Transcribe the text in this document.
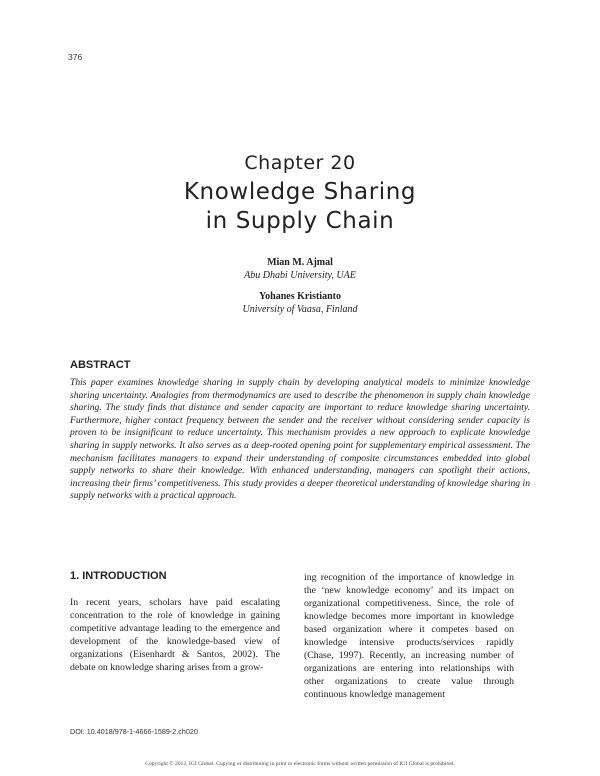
376
Chapter 20
Knowledge Sharing
in Supply Chain
Mian M. Ajmal
Abu Dhabi University, UAE
Yohanes Kristianto
University of Vaasa, Finland
ABSTRACT
This paper examines knowledge sharing in supply chain by developing analytical models to minimize knowledge sharing uncertainty. Analogies from thermodynamics are used to describe the phenomenon in supply chain knowledge sharing. The study finds that distance and sender capacity are important to reduce knowledge sharing uncertainty. Furthermore, higher contact frequency between the sender and the receiver without considering sender capacity is proven to be insignificant to reduce uncertainty. This mechanism provides a new approach to explicate knowledge sharing in supply networks. It also serves as a deep-rooted opening point for supplementary empirical assessment. The mechanism facilitates managers to expand their understanding of composite circumstances embedded into global supply networks to share their knowledge. With enhanced understanding, managers can spotlight their actions, increasing their firms’ competitiveness. This study provides a deeper theoretical understanding of knowledge sharing in supply networks with a practical approach.
1. INTRODUCTION
In recent years, scholars have paid escalating concentration to the role of knowledge in gaining competitive advantage leading to the emergence and development of the knowledge-based view of organizations (Eisenhardt & Santos, 2002). The debate on knowledge sharing arises from a grow-
ing recognition of the importance of knowledge in the ‘new knowledge economy’ and its impact on organizational competitiveness. Since, the role of knowledge becomes more important in knowledge based organization where it competes based on knowledge intensive products/services rapidly (Chase, 1997). Recently, an increasing number of organizations are entering into relationships with other organizations to create value through continuous knowledge management
DOI: 10.4018/978-1-4666-1589-2.ch020
Copyright © 2012, IGI Global. Copying or distributing in print or electronic forms without written permission of IGI Global is prohibited.
